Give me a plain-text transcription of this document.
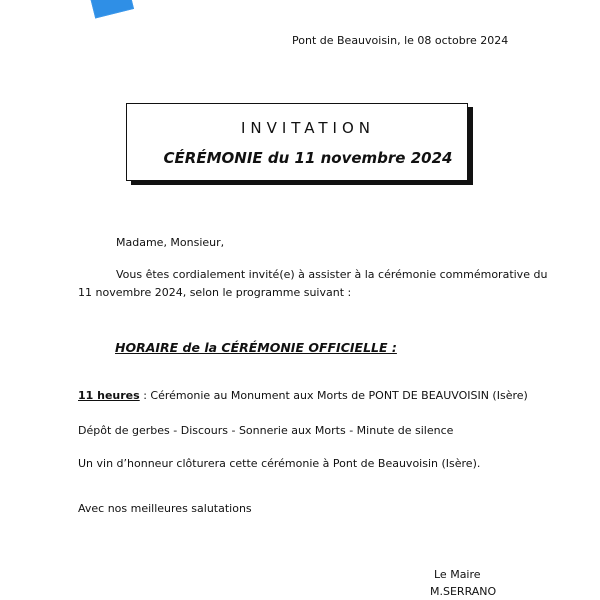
Pont de Beauvoisin, le 08 octobre 2024
INVITATION
CÉRÉMONIE du 11 novembre 2024
Madame, Monsieur,
Vous êtes cordialement invité(e) à assister à la cérémonie commémorative du
11 novembre 2024, selon le programme suivant :
HORAIRE de la CÉRÉMONIE OFFICIELLE :
11 heures : Cérémonie au Monument aux Morts de PONT DE BEAUVOISIN (Isère)
Dépôt de gerbes - Discours - Sonnerie aux Morts - Minute de silence
Un vin d’honneur clôturera cette cérémonie à Pont de Beauvoisin (Isère).
Avec nos meilleures salutations
Le Maire
M.SERRANO
